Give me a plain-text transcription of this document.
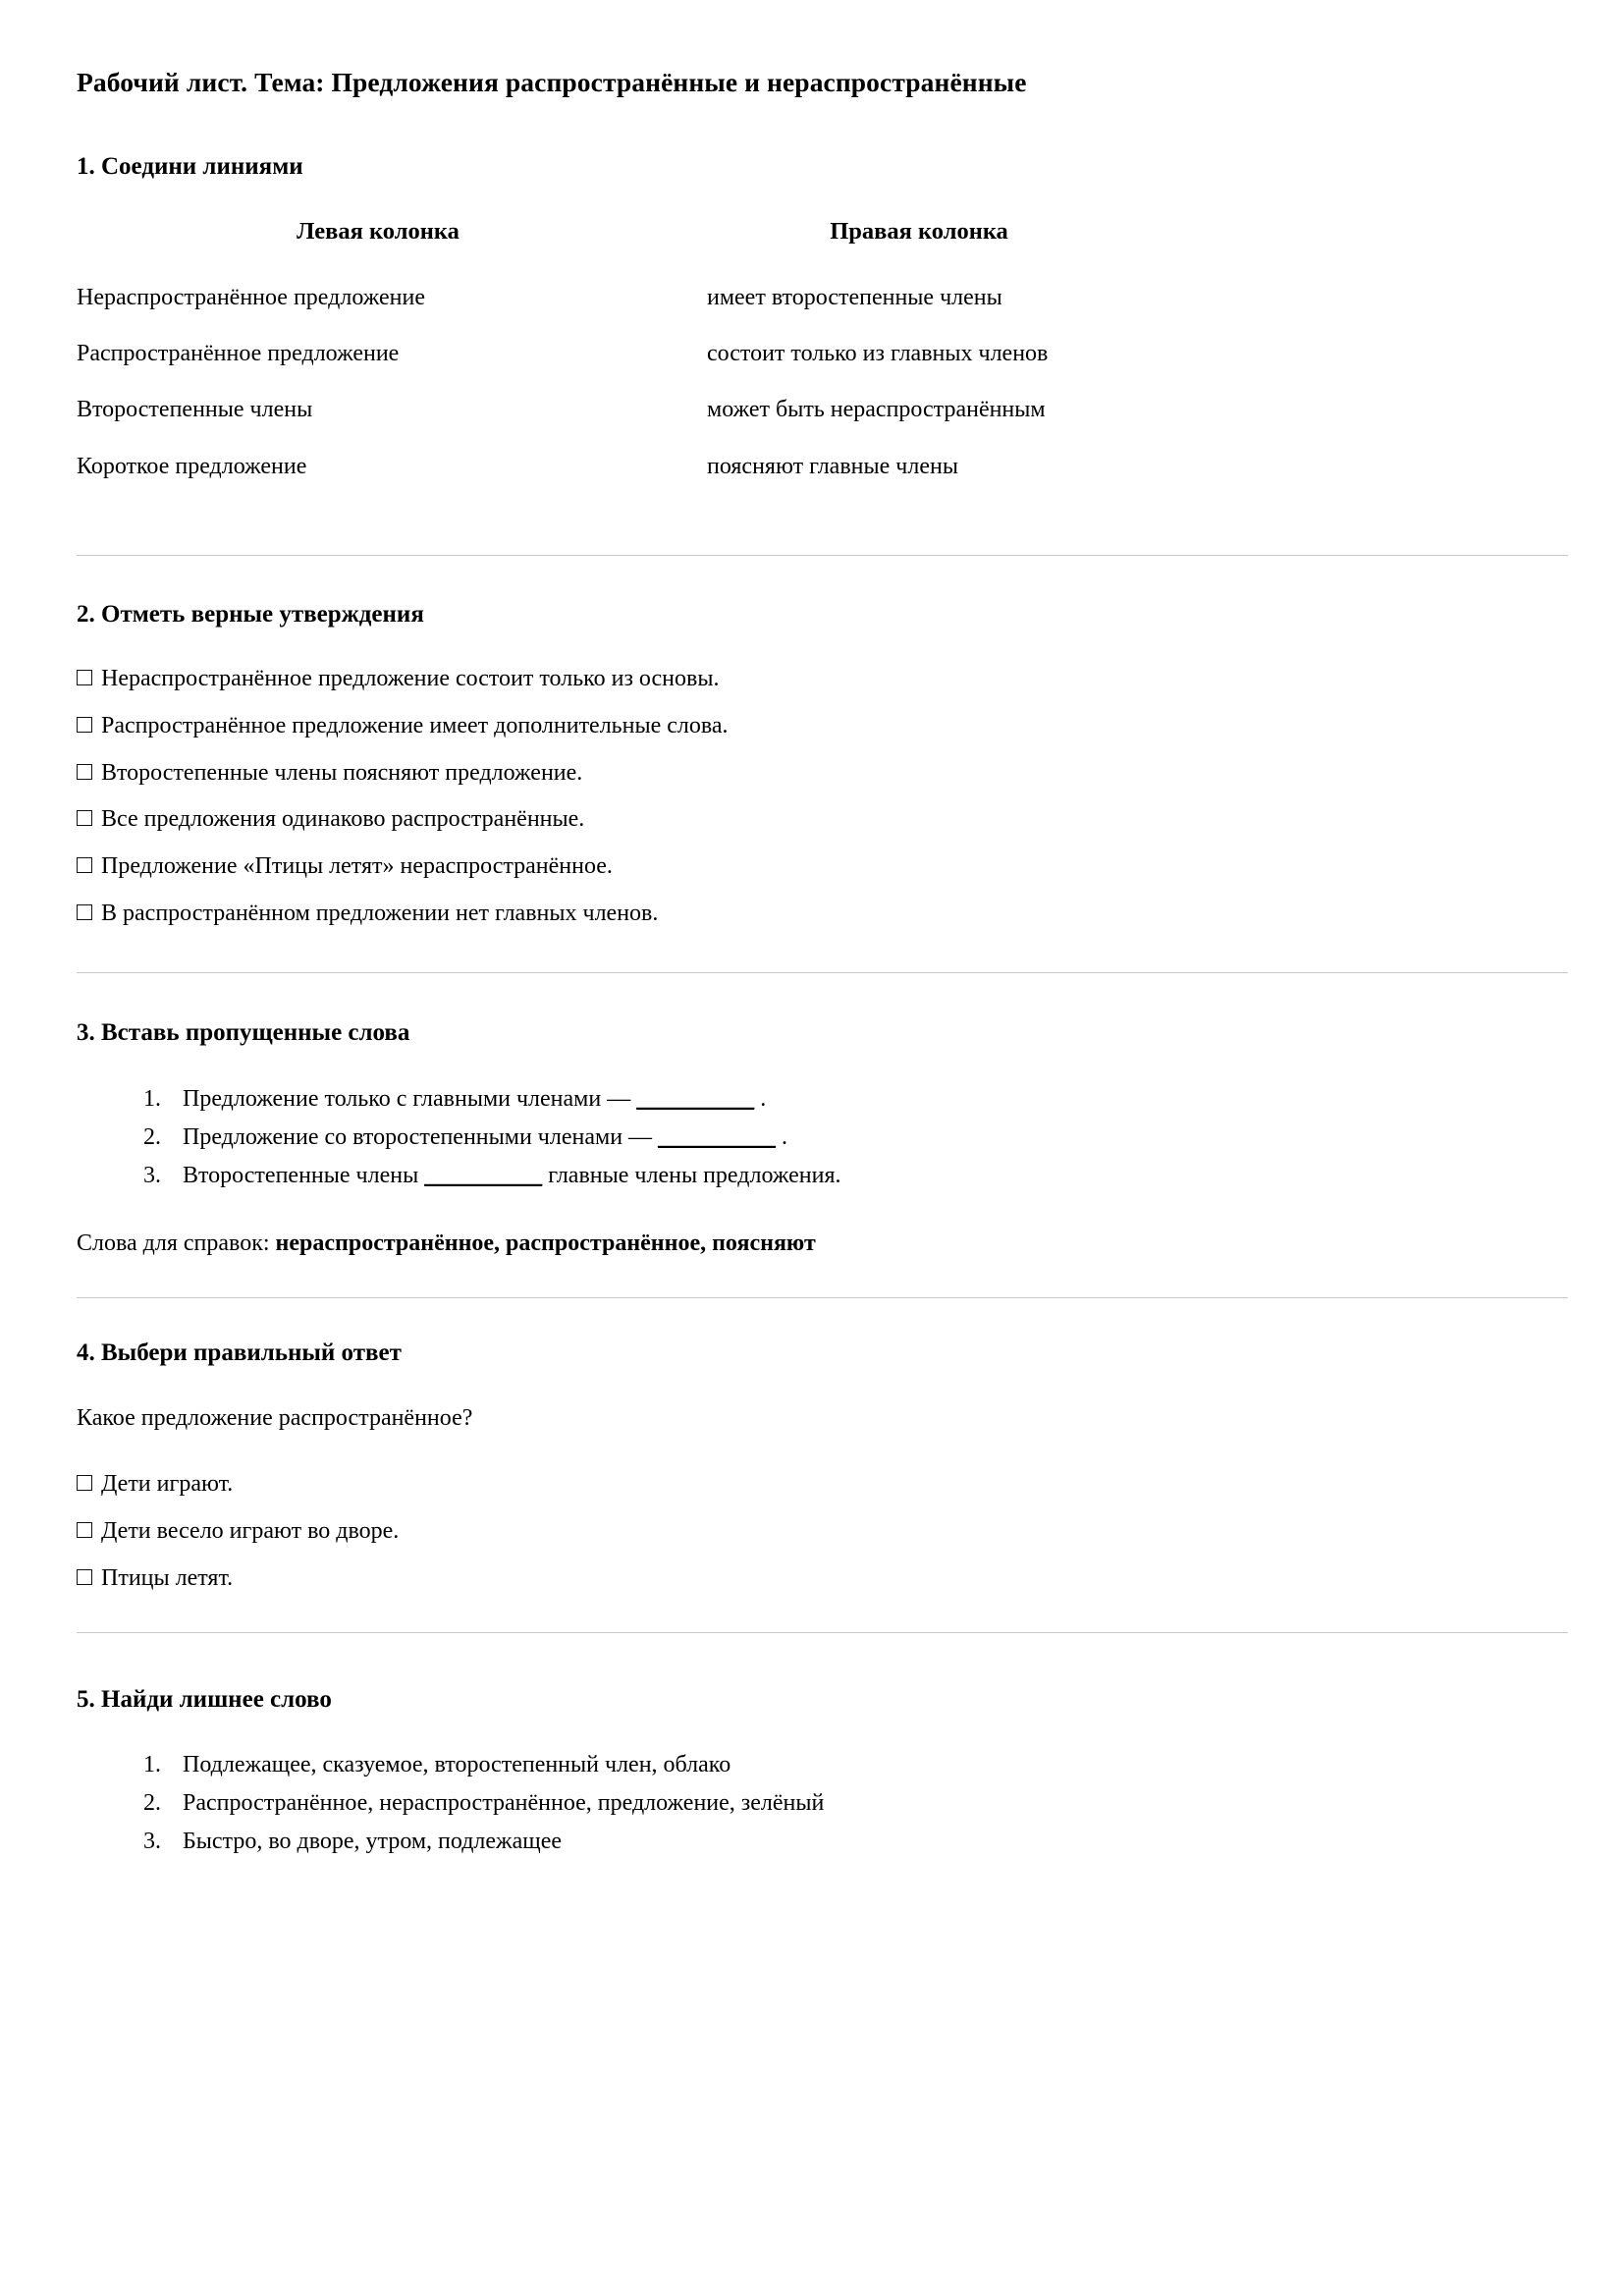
Рабочий лист. Тема: Предложения распространённые и нераспространённые
1. Соедини линиями
Левая колонка	Правая колонка
Нераспространённое предложение	имеет второстепенные члены
Распространённое предложение	состоит только из главных членов
Второстепенные члены	может быть нераспространённым
Короткое предложение	поясняют главные члены
2. Отметь верные утверждения
Нераспространённое предложение состоит только из основы.
Распространённое предложение имеет дополнительные слова.
Второстепенные члены поясняют предложение.
Все предложения одинаково распространённые.
Предложение «Птицы летят» нераспространённое.
В распространённом предложении нет главных членов.
3. Вставь пропущенные слова
1. Предложение только с главными членами — __________ .
2. Предложение со второстепенными членами — __________ .
3. Второстепенные члены __________ главные члены предложения.

Слова для справок: нераспространённое, распространённое, поясняют

4. Выбери правильный ответ

Какое предложение распространённое?

Дети играют.
Дети весело играют во дворе.
Птицы летят.
5. Найди лишнее слово
1. Подлежащее, сказуемое, второстепенный член, облако
2. Распространённое, нераспространённое, предложение, зелёный
3. Быстро, во дворе, утром, подлежащее
